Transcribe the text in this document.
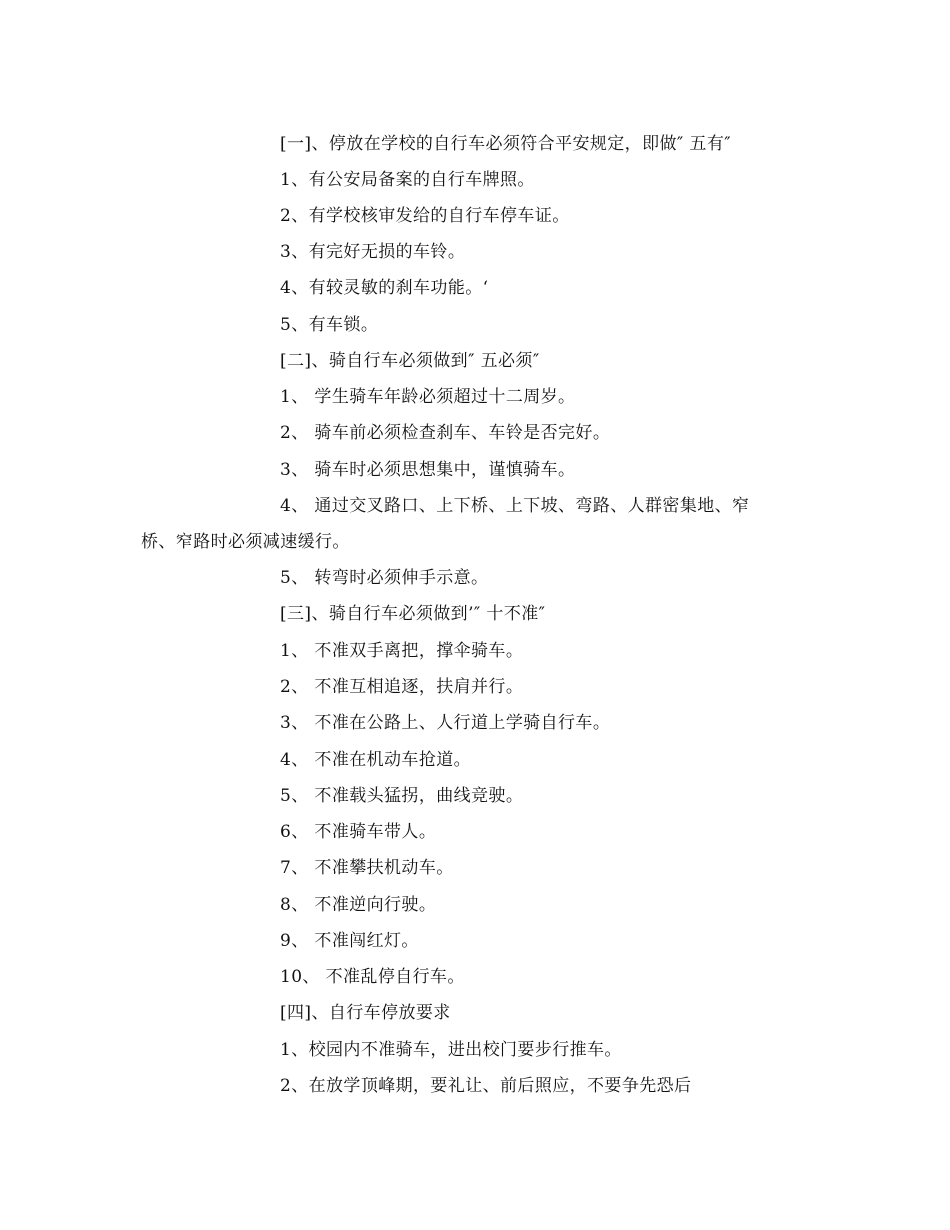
[一]、停放在学校的自行车必须符合平安规定，即做″ 五有″
1、有公安局备案的自行车牌照。
2、有学校核审发给的自行车停车证。
3、有完好无损的车铃。
4、有较灵敏的刹车功能。‘
5、有车锁。
[二]、骑自行车必须做到″ 五必须″
1、 学生骑车年龄必须超过十二周岁。
2、 骑车前必须检查刹车、车铃是否完好。
3、 骑车时必须思想集中，谨慎骑车。
4、 通过交叉路口、上下桥、上下坡、弯路、人群密集地、窄
桥、窄路时必须减速缓行。
5、 转弯时必须伸手示意。
[三]、骑自行车必须做到’″ 十不准″
1、 不准双手离把，撑伞骑车。
2、 不准互相追逐，扶肩并行。
3、 不准在公路上、人行道上学骑自行车。
4、 不准在机动车抢道。
5、 不准载头猛拐，曲线竞驶。
6、 不准骑车带人。
7、 不准攀扶机动车。
8、 不准逆向行驶。
9、 不准闯红灯。
10、 不准乱停自行车。
[四]、自行车停放要求
1、校园内不准骑车，进出校门要步行推车。
2、在放学顶峰期，要礼让、前后照应，不要争先恐后
